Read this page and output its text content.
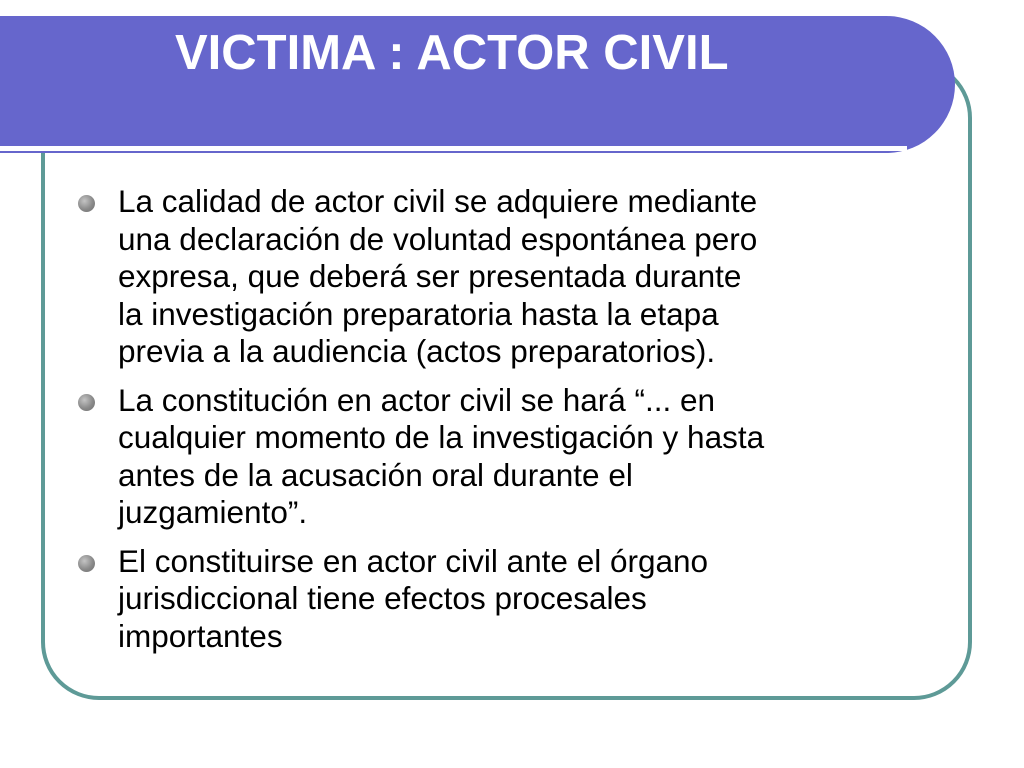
VICTIMA : ACTOR CIVIL
La calidad de actor civil se adquiere mediante
una declaración de voluntad espontánea pero
expresa, que deberá ser presentada durante
la investigación preparatoria hasta la etapa
previa a la audiencia (actos preparatorios).
La constitución en actor civil se hará “... en
cualquier momento de la investigación y hasta
antes de la acusación oral durante el
juzgamiento”.
El constituirse en actor civil ante el órgano
jurisdiccional tiene efectos procesales
importantes
